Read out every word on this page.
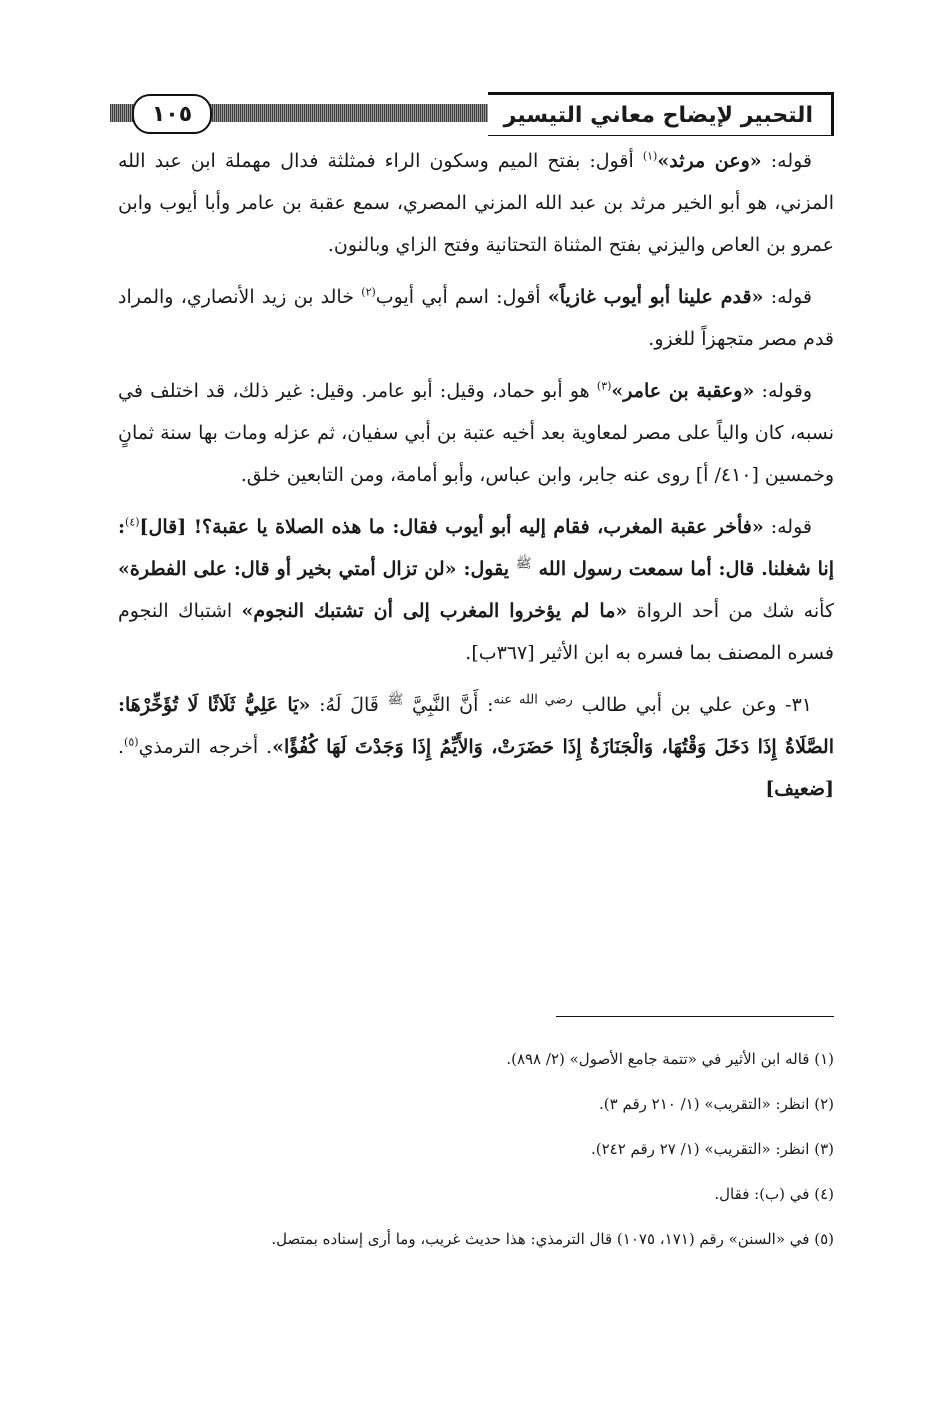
التحبير لإيضاح معاني التيسير
١٠٥

قوله: «وعن مرثد»$^{(١)}$ أقول: بفتح الميم وسكون الراء فمثلثة فدال مهملة ابن عبد الله المزني، هو أبو الخير مرثد بن عبد الله المزني المصري، سمع عقبة بن عامر وأبا أيوب وابن عمرو بن العاص واليزني بفتح المثناة التحتانية وفتح الزاي وبالنون.

قوله: «قدم علينا أبو أيوب غازياً» أقول: اسم أبي أيوب$^{(٢)}$ خالد بن زيد الأنصاري، والمراد قدم مصر متجهزاً للغزو.

وقوله: «وعقبة بن عامر»$^{(٣)}$ هو أبو حماد، وقيل: أبو عامر. وقيل: غير ذلك، قد اختلف في نسبه، كان والياً على مصر لمعاوية بعد أخيه عتبة بن أبي سفيان، ثم عزله ومات بها سنة ثمانٍ وخمسين [٤١٠/ أ] روى عنه جابر، وابن عباس، وأبو أمامة، ومن التابعين خلق.

قوله: «فأخر عقبة المغرب، فقام إليه أبو أيوب فقال: ما هذه الصلاة يا عقبة؟! [قال]$^{(٤)}$: إنا شغلنا. قال: أما سمعت رسول الله $^ﷺ$ يقول: «لن تزال أمتي بخير أو قال: على الفطرة» كأنه شك من أحد الرواة «ما لم يؤخروا المغرب إلى أن تشتبك النجوم» اشتباك النجوم فسره المصنف بما فسره به ابن الأثير [٣٦٧ب].

٣١- وعن علي بن أبي طالب $^{رضي الله عنه}$: أَنَّ النَّبِيَّ $^ﷺ$ قَالَ لَهُ: «يَا عَلِيُّ ثَلَاثًا لَا تُؤَخِّرْهَا: الصَّلَاةُ إِذَا دَخَلَ وَقْتُهَا، وَالْجَنَازَةُ إِذَا حَضَرَتْ، وَالأَيِّمُ إِذَا وَجَدْتَ لَهَا كُفُؤًا». أخرجه الترمذي$^{(٥)}$. [ضعيف]

(١) قاله ابن الأثير في «تتمة جامع الأصول» (٢/ ٨٩٨).
(٢) انظر: «التقريب» (١/ ٢١٠ رقم ٣).
(٣) انظر: «التقريب» (١/ ٢٧ رقم ٢٤٢).
(٤) في (ب): فقال.
(٥) في «السنن» رقم (١٧١، ١٠٧٥) قال الترمذي: هذا حديث غريب، وما أرى إسناده بمتصل.
